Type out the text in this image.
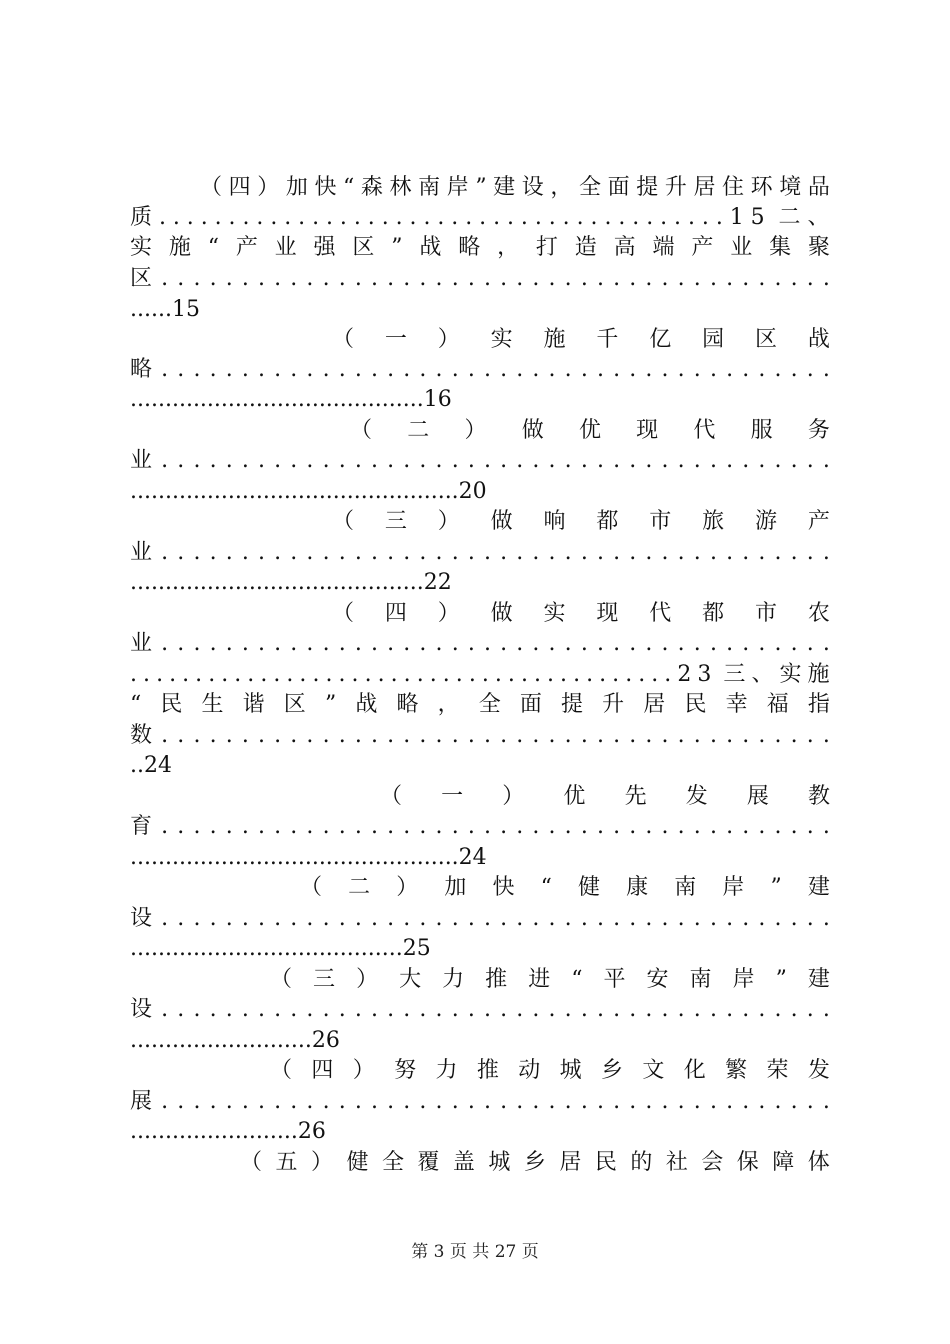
（ 四 ） 加 快 “ 森 林 南 岸 ” 建 设 ， 全 面 提 升 居 住 环 境 品
质 . . . . . . . . . . . . . . . . . . . . . . . . . . . . . . . . . . . . . . . . . 1 5 二 、
实 施 “ 产 业 强 区 ” 战 略 ， 打 造 高 端 产 业 集 聚
区 . . . . . . . . . . . . . . . . . . . . . . . . . . . . . . . . . . . . . . . . . .
......15
（ 一 ） 实 施 千 亿 园 区 战
略 . . . . . . . . . . . . . . . . . . . . . . . . . . . . . . . . . . . . . . . . . .
..........................................16
（ 二 ） 做 优 现 代 服 务
业 . . . . . . . . . . . . . . . . . . . . . . . . . . . . . . . . . . . . . . . . . .
...............................................20
（ 三 ） 做 响 都 市 旅 游 产
业 . . . . . . . . . . . . . . . . . . . . . . . . . . . . . . . . . . . . . . . . . .
..........................................22
（ 四 ） 做 实 现 代 都 市 农
业 . . . . . . . . . . . . . . . . . . . . . . . . . . . . . . . . . . . . . . . . . .
. . . . . . . . . . . . . . . . . . . . . . . . . . . . . . . . . . . . . . . . . . 2 3 三 、 实 施
“ 民 生 谐 区 ” 战 略 ， 全 面 提 升 居 民 幸 福 指
数 . . . . . . . . . . . . . . . . . . . . . . . . . . . . . . . . . . . . . . . . . .
..24
（ 一 ） 优 先 发 展 教
育 . . . . . . . . . . . . . . . . . . . . . . . . . . . . . . . . . . . . . . . . . .
...............................................24
（ 二 ） 加 快 “ 健 康 南 岸 ” 建
设 . . . . . . . . . . . . . . . . . . . . . . . . . . . . . . . . . . . . . . . . . .
.......................................25
（ 三 ） 大 力 推 进 “ 平 安 南 岸 ” 建
设 . . . . . . . . . . . . . . . . . . . . . . . . . . . . . . . . . . . . . . . . . .
..........................26
（ 四 ） 努 力 推 动 城 乡 文 化 繁 荣 发
展 . . . . . . . . . . . . . . . . . . . . . . . . . . . . . . . . . . . . . . . . . .
........................26
（ 五 ） 健 全 覆 盖 城 乡 居 民 的 社 会 保 障 体
第 3 页 共 27 页
